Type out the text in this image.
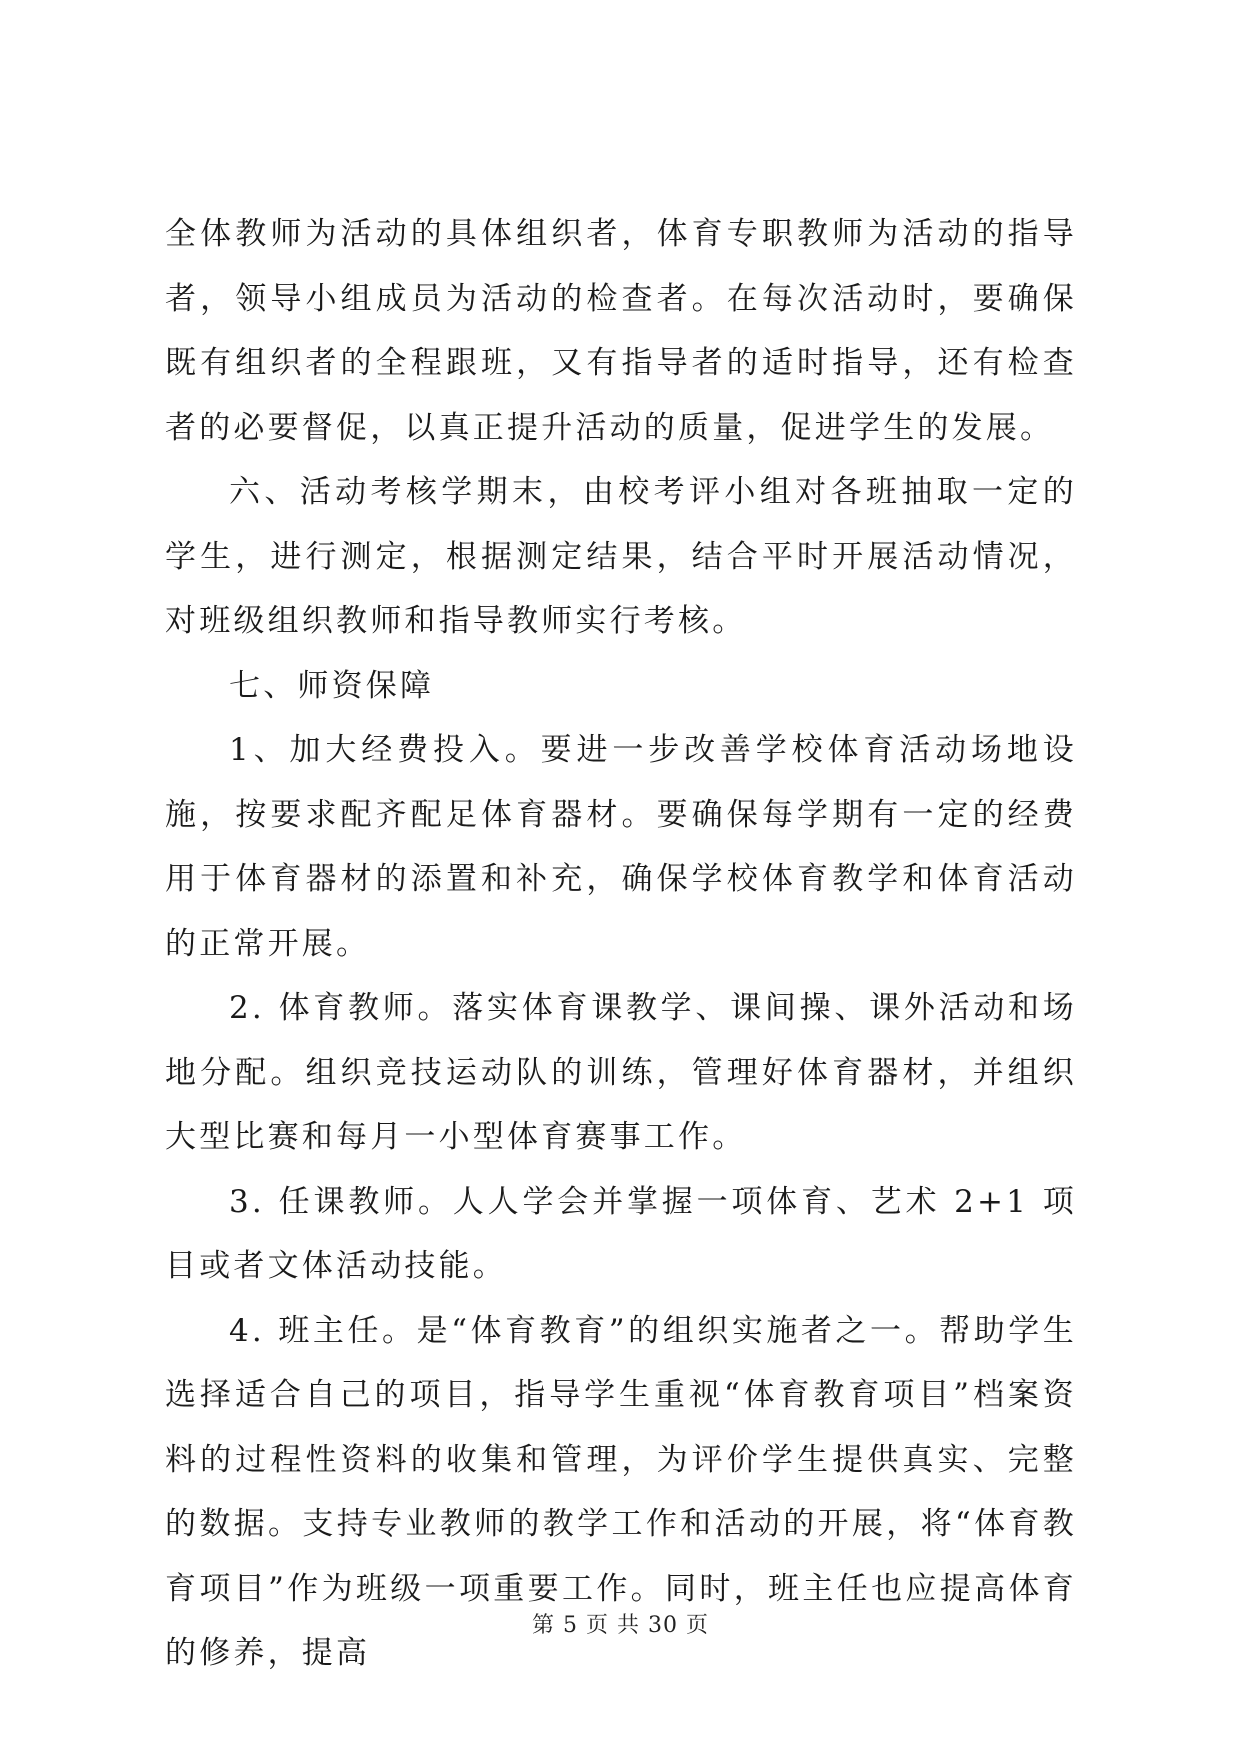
全体教师为活动的具体组织者，体育专职教师为活动的指导者，领导小组成员为活动的检查者。在每次活动时，要确保既有组织者的全程跟班，又有指导者的适时指导，还有检查者的必要督促，以真正提升活动的质量，促进学生的发展。

六、活动考核学期末，由校考评小组对各班抽取一定的学生，进行测定，根据测定结果，结合平时开展活动情况，对班级组织教师和指导教师实行考核。

七、师资保障

1、加大经费投入。要进一步改善学校体育活动场地设施，按要求配齐配足体育器材。要确保每学期有一定的经费用于体育器材的添置和补充，确保学校体育教学和体育活动的正常开展。

2. 体育教师。落实体育课教学、课间操、课外活动和场地分配。组织竞技运动队的训练，管理好体育器材，并组织大型比赛和每月一小型体育赛事工作。

3. 任课教师。人人学会并掌握一项体育、艺术 2+1 项目或者文体活动技能。

4. 班主任。是“体育教育”的组织实施者之一。帮助学生选择适合自己的项目，指导学生重视“体育教育项目”档案资料的过程性资料的收集和管理，为评价学生提供真实、完整的数据。支持专业教师的教学工作和活动的开展，将“体育教育项目”作为班级一项重要工作。同时，班主任也应提高体育的修养，提高

第 5 页 共 30 页
